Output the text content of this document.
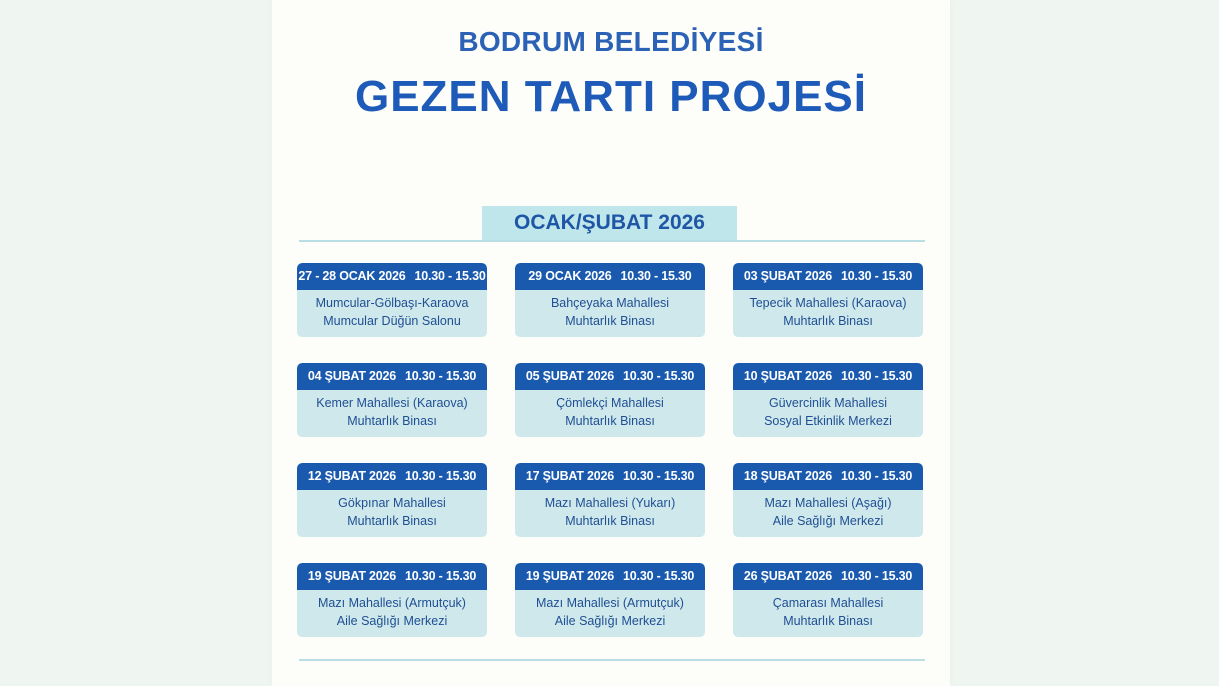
BODRUM BELEDİYESİ
GEZEN TARTI PROJESİ
OCAK/ŞUBAT 2026
27 - 28 OCAK 2026 10.30 - 15.30
Mumcular-Gölbaşı-Karaova
Mumcular Düğün Salonu
29 OCAK 2026 10.30 - 15.30
Bahçeyaka Mahallesi
Muhtarlık Binası
03 ŞUBAT 2026 10.30 - 15.30
Tepecik Mahallesi (Karaova)
Muhtarlık Binası
04 ŞUBAT 2026 10.30 - 15.30
Kemer Mahallesi (Karaova)
Muhtarlık Binası
05 ŞUBAT 2026 10.30 - 15.30
Çömlekçi Mahallesi
Muhtarlık Binası
10 ŞUBAT 2026 10.30 - 15.30
Güvercinlik Mahallesi
Sosyal Etkinlik Merkezi
12 ŞUBAT 2026 10.30 - 15.30
Gökpınar Mahallesi
Muhtarlık Binası
17 ŞUBAT 2026 10.30 - 15.30
Mazı Mahallesi (Yukarı)
Muhtarlık Binası
18 ŞUBAT 2026 10.30 - 15.30
Mazı Mahallesi (Aşağı)
Aile Sağlığı Merkezi
19 ŞUBAT 2026 10.30 - 15.30
Mazı Mahallesi (Armutçuk)
Aile Sağlığı Merkezi
19 ŞUBAT 2026 10.30 - 15.30
Mazı Mahallesi (Armutçuk)
Aile Sağlığı Merkezi
26 ŞUBAT 2026 10.30 - 15.30
Çamarası Mahallesi
Muhtarlık Binası
